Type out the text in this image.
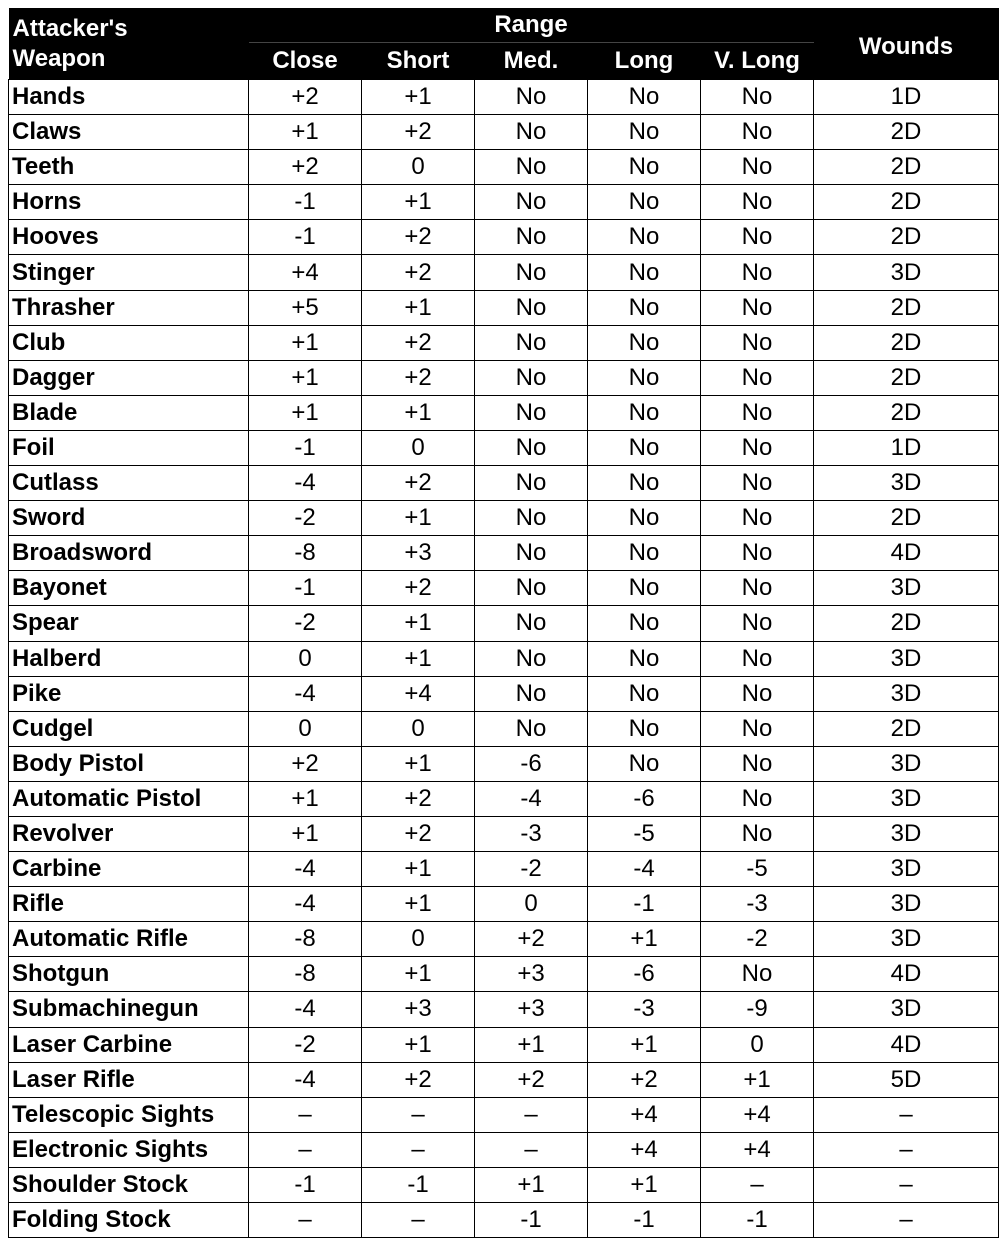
Attacker's
Weapon	Range					Wounds
	Close	Short	Med.	Long	V. Long	
Hands	+2	+1	No	No	No	1D
Claws	+1	+2	No	No	No	2D
Teeth	+2	0	No	No	No	2D
Horns	-1	+1	No	No	No	2D
Hooves	-1	+2	No	No	No	2D
Stinger	+4	+2	No	No	No	3D
Thrasher	+5	+1	No	No	No	2D
Club	+1	+2	No	No	No	2D
Dagger	+1	+2	No	No	No	2D
Blade	+1	+1	No	No	No	2D
Foil	-1	0	No	No	No	1D
Cutlass	-4	+2	No	No	No	3D
Sword	-2	+1	No	No	No	2D
Broadsword	-8	+3	No	No	No	4D
Bayonet	-1	+2	No	No	No	3D
Spear	-2	+1	No	No	No	2D
Halberd	0	+1	No	No	No	3D
Pike	-4	+4	No	No	No	3D
Cudgel	0	0	No	No	No	2D
Body Pistol	+2	+1	-6	No	No	3D
Automatic Pistol	+1	+2	-4	-6	No	3D
Revolver	+1	+2	-3	-5	No	3D
Carbine	-4	+1	-2	-4	-5	3D
Rifle	-4	+1	0	-1	-3	3D
Automatic Rifle	-8	0	+2	+1	-2	3D
Shotgun	-8	+1	+3	-6	No	4D
Submachinegun	-4	+3	+3	-3	-9	3D
Laser Carbine	-2	+1	+1	+1	0	4D
Laser Rifle	-4	+2	+2	+2	+1	5D
Telescopic Sights	–	–	–	+4	+4	–
Electronic Sights	–	–	–	+4	+4	–
Shoulder Stock	-1	-1	+1	+1	–	–
Folding Stock	–	–	-1	-1	-1	–
